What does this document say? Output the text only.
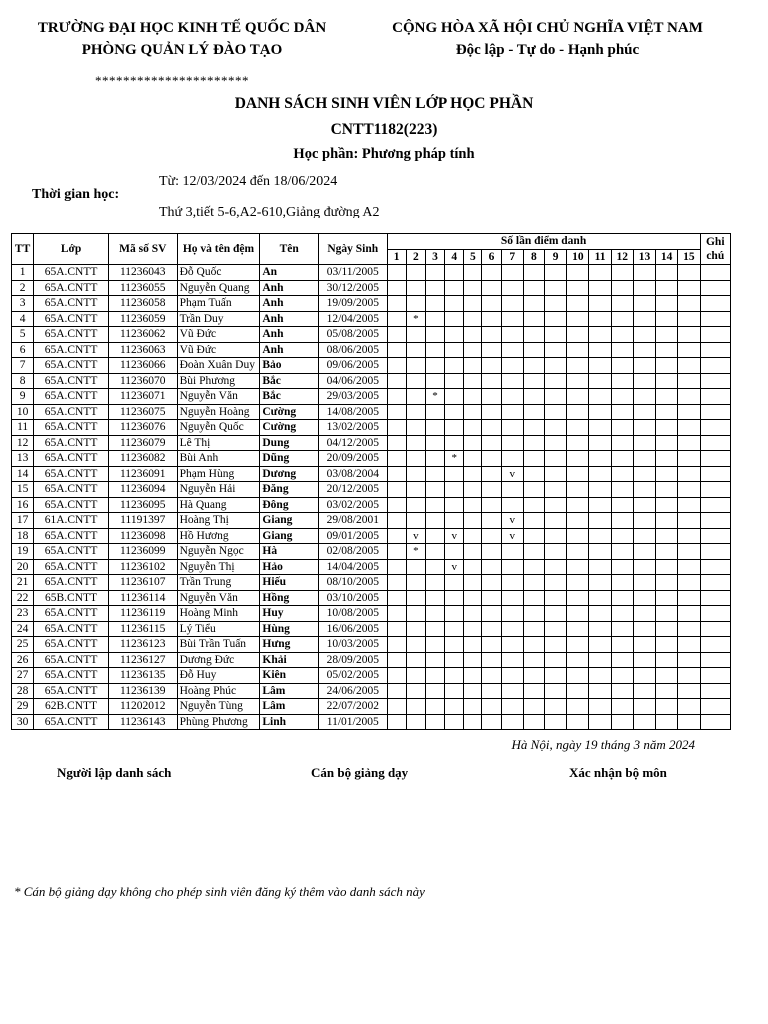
TRƯỜNG ĐẠI HỌC KINH TẾ QUỐC DÂN
PHÒNG QUẢN LÝ ĐÀO TẠO
CỘNG HÒA XÃ HỘI CHỦ NGHĨA VIỆT NAM
Độc lập - Tự do - Hạnh phúc
**********************
DANH SÁCH SINH VIÊN LỚP HỌC PHẦN
CNTT1182(223)
Học phần: Phương pháp tính
Thời gian học:
Từ: 12/03/2024 đến 18/06/2024
Thứ 3,tiết 5-6,A2-610,Giảng đường A2
TT	Lớp	Mã số SV	Họ và tên đệm	Tên	Ngày Sinh	Số lần điểm danh															Ghi
chú
						1	2	3	4	5	6	7	8	9	10	11	12	13	14	15	
1	65A.CNTT	11236043	Đỗ Quốc	An	03/11/2005																
2	65A.CNTT	11236055	Nguyễn Quang	Anh	30/12/2005																
3	65A.CNTT	11236058	Phạm Tuấn	Anh	19/09/2005																
4	65A.CNTT	11236059	Trần Duy	Anh	12/04/2005		*														
5	65A.CNTT	11236062	Vũ Đức	Anh	05/08/2005																
6	65A.CNTT	11236063	Vũ Đức	Anh	08/06/2005																
7	65A.CNTT	11236066	Đoàn Xuân Duy	Bảo	09/06/2005																
8	65A.CNTT	11236070	Bùi Phương	Bắc	04/06/2005																
9	65A.CNTT	11236071	Nguyễn Văn	Bắc	29/03/2005			*													
10	65A.CNTT	11236075	Nguyễn Hoàng	Cường	14/08/2005																
11	65A.CNTT	11236076	Nguyễn Quốc	Cường	13/02/2005																
12	65A.CNTT	11236079	Lê Thị	Dung	04/12/2005																
13	65A.CNTT	11236082	Bùi Anh	Dũng	20/09/2005				*												
14	65A.CNTT	11236091	Phạm Hùng	Dương	03/08/2004							v									
15	65A.CNTT	11236094	Nguyễn Hải	Đăng	20/12/2005																
16	65A.CNTT	11236095	Hà Quang	Đông	03/02/2005																
17	61A.CNTT	11191397	Hoàng Thị	Giang	29/08/2001							v									
18	65A.CNTT	11236098	Hồ Hương	Giang	09/01/2005		v		v			v									
19	65A.CNTT	11236099	Nguyễn Ngọc	Hà	02/08/2005		*														
20	65A.CNTT	11236102	Nguyễn Thị	Hảo	14/04/2005				v												
21	65A.CNTT	11236107	Trần Trung	Hiếu	08/10/2005																
22	65B.CNTT	11236114	Nguyễn Văn	Hồng	03/10/2005																
23	65A.CNTT	11236119	Hoàng Minh	Huy	10/08/2005																
24	65A.CNTT	11236115	Lý Tiểu	Hùng	16/06/2005																
25	65A.CNTT	11236123	Bùi Trần Tuấn	Hưng	10/03/2005																
26	65A.CNTT	11236127	Dương Đức	Khải	28/09/2005																
27	65A.CNTT	11236135	Đỗ Huy	Kiên	05/02/2005																
28	65A.CNTT	11236139	Hoàng Phúc	Lâm	24/06/2005																
29	62B.CNTT	11202012	Nguyễn Tùng	Lâm	22/07/2002																
30	65A.CNTT	11236143	Phùng Phương	Linh	11/01/2005																
Hà Nội, ngày 19 tháng 3 năm 2024
Người lập danh sách	Cán bộ giảng dạy	Xác nhận bộ môn
* Cán bộ giảng dạy không cho phép sinh viên đăng ký thêm vào danh sách này
